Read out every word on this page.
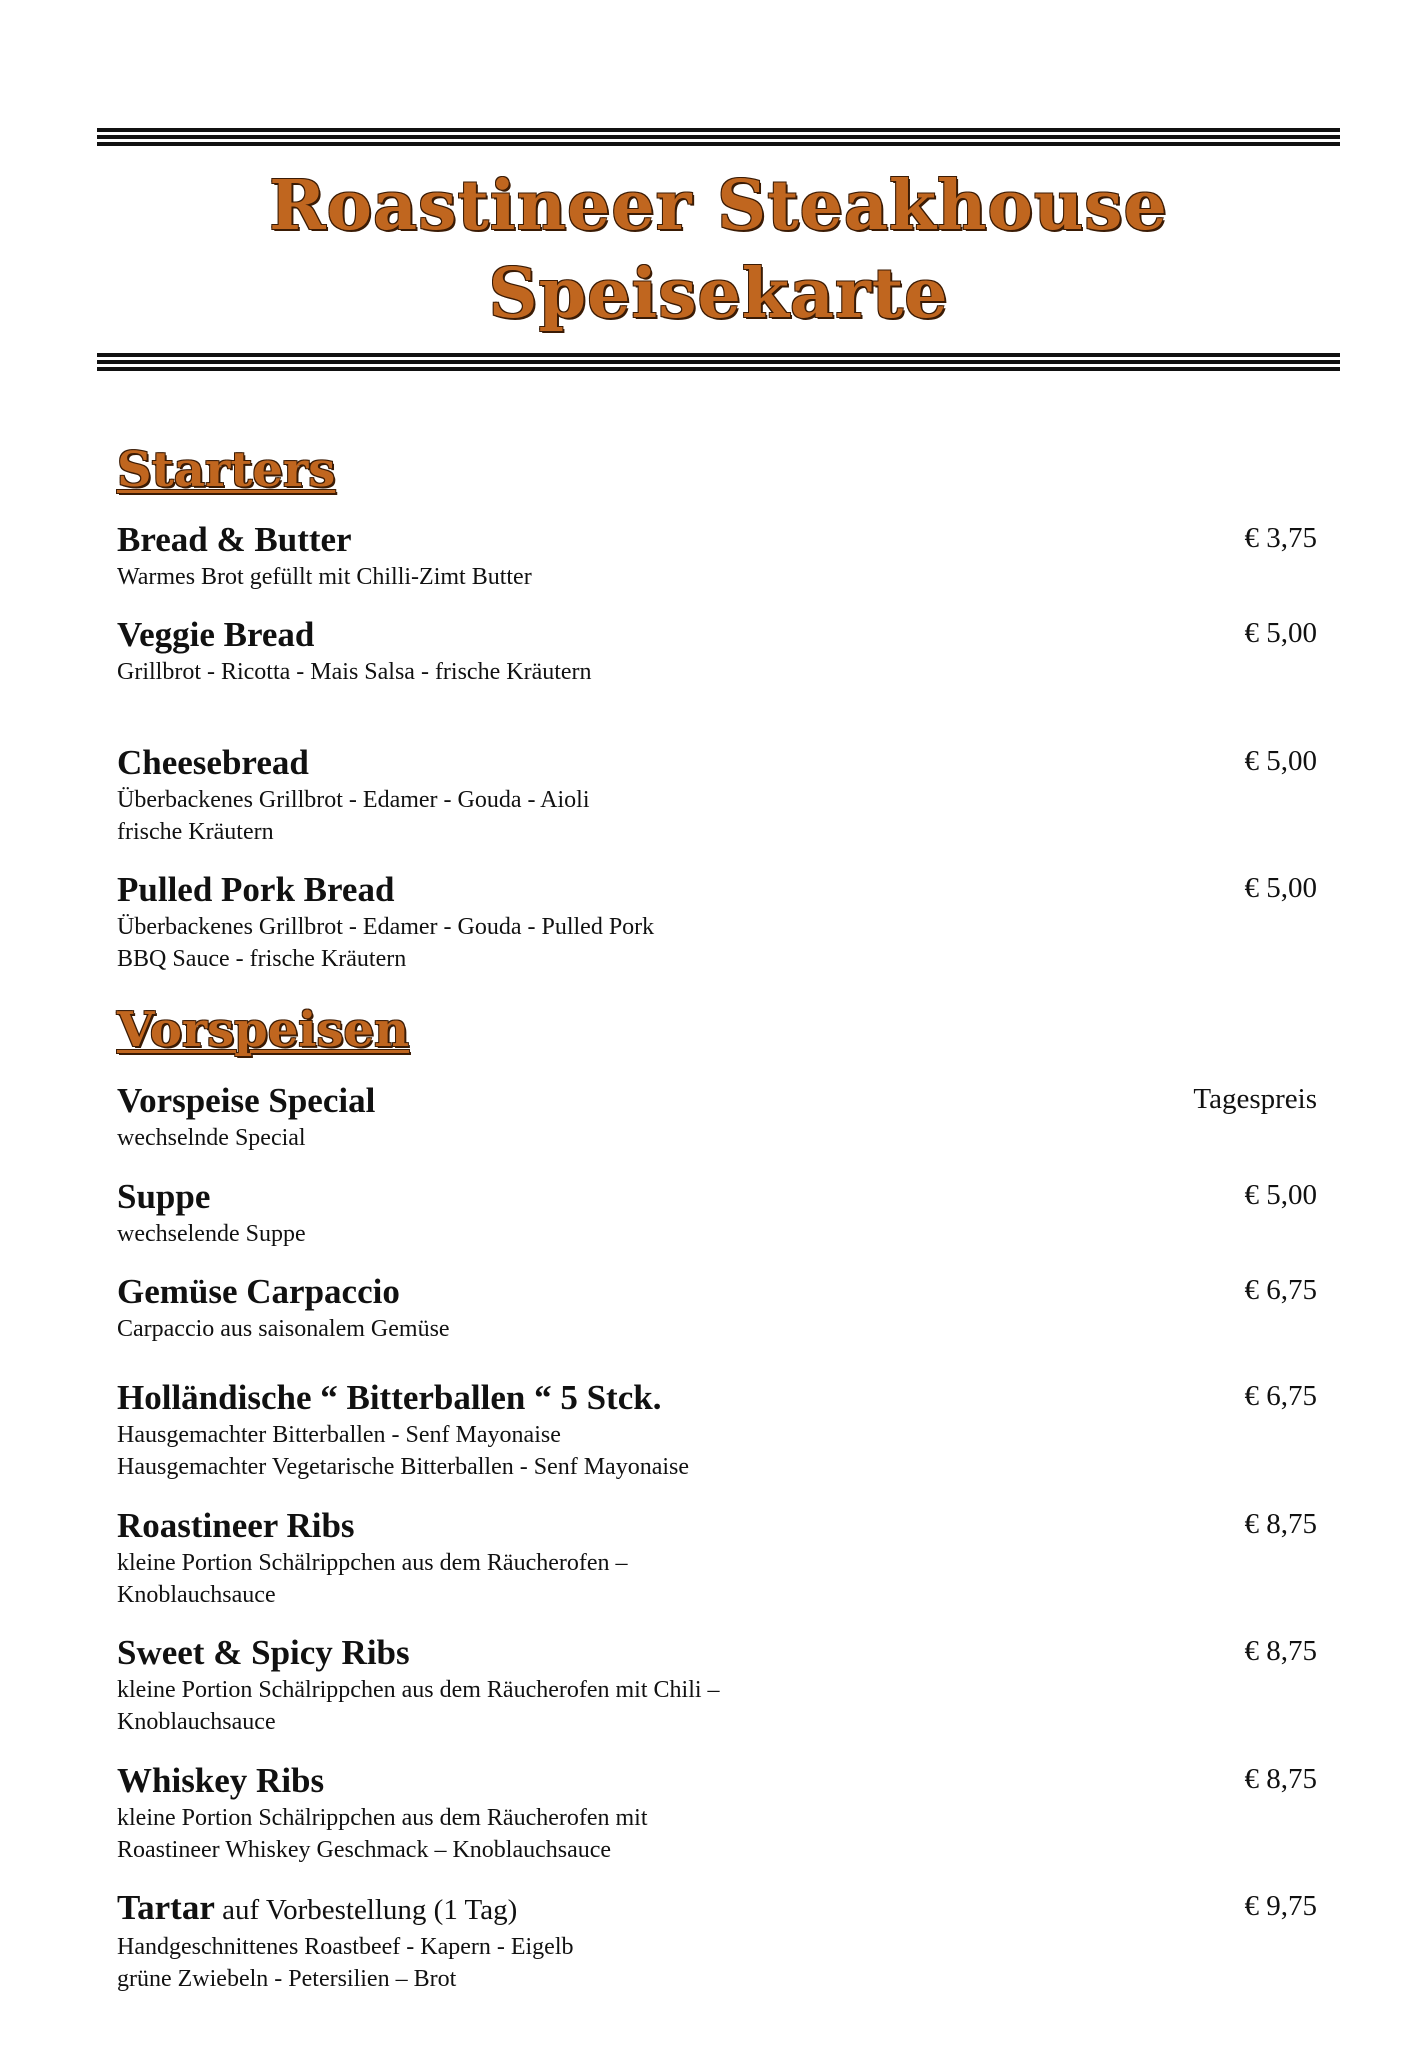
Roastineer Steakhouse
Speisekarte
Starters
Bread & Butter
Warmes Brot gefüllt mit Chilli-Zimt Butter
€ 3,75
Veggie Bread
Grillbrot - Ricotta - Mais Salsa - frische Kräutern
€ 5,00
Cheesebread
Überbackenes Grillbrot - Edamer - Gouda - Aioli
frische Kräutern
€ 5,00
Pulled Pork Bread
Überbackenes Grillbrot - Edamer - Gouda - Pulled Pork
BBQ Sauce - frische Kräutern
€ 5,00
Vorspeisen
Vorspeise Special
wechselnde Special
Tagespreis
Suppe
wechselende Suppe
€ 5,00
Gemüse Carpaccio
Carpaccio aus saisonalem Gemüse
€ 6,75
Holländische “ Bitterballen “ 5 Stck.
Hausgemachter Bitterballen - Senf Mayonaise
Hausgemachter Vegetarische Bitterballen - Senf Mayonaise
€ 6,75
Roastineer Ribs
kleine Portion Schälrippchen aus dem Räucherofen –
Knoblauchsauce
€ 8,75
Sweet & Spicy Ribs
kleine Portion Schälrippchen aus dem Räucherofen mit Chili –
Knoblauchsauce
€ 8,75
Whiskey Ribs
kleine Portion Schälrippchen aus dem Räucherofen mit
Roastineer Whiskey Geschmack – Knoblauchsauce
€ 8,75
Tartar auf Vorbestellung (1 Tag)
Handgeschnittenes Roastbeef - Kapern - Eigelb
grüne Zwiebeln - Petersilien – Brot
€ 9,75
